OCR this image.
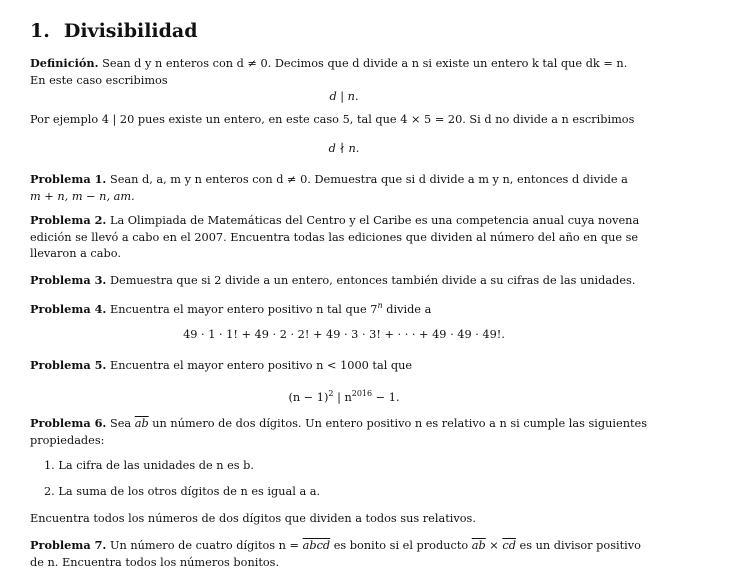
1. Divisibilidad

Definición. Sean d y n enteros con d ≠ 0. Decimos que d divide a n si existe un entero k tal que dk = n.
En este caso escribimos

d | n.

Por ejemplo 4 | 20 pues existe un entero, en este caso 5, tal que 4 × 5 = 20. Si d no divide a n escribimos

d ∤ n.

Problema 1. Sean d, a, m y n enteros con d ≠ 0. Demuestra que si d divide a m y n, entonces d divide a
m + n, m − n, am.

Problema 2. La Olimpiada de Matemáticas del Centro y el Caribe es una competencia anual cuya novena
edición se llevó a cabo en el 2007. Encuentra todas las ediciones que dividen al número del año en que se
llevaron a cabo.

Problema 3. Demuestra que si 2 divide a un entero, entonces también divide a su cifras de las unidades.

Problema 4. Encuentra el mayor entero positivo n tal que 7$^n$ divide a

49 · 1 · 1! + 49 · 2 · 2! + 49 · 3 · 3! + · · · + 49 · 49 · 49!.

Problema 5. Encuentra el mayor entero positivo n < 1000 tal que

$(n - 1)^2$ | $n^{2016} - 1$.

Problema 6. Sea $\overline{ab}$ un número de dos dígitos. Un entero positivo n es relativo a n si cumple las siguientes
propiedades:

1. La cifra de las unidades de n es b.

2. La suma de los otros dígitos de n es igual a a.

Encuentra todos los números de dos dígitos que dividen a todos sus relativos.

Problema 7. Un número de cuatro dígitos n = abcd es bonito si el producto $\overline{ab} \times \overline{cd}$ es un divisor positivo
de n. Encuentra todos los números bonitos.
